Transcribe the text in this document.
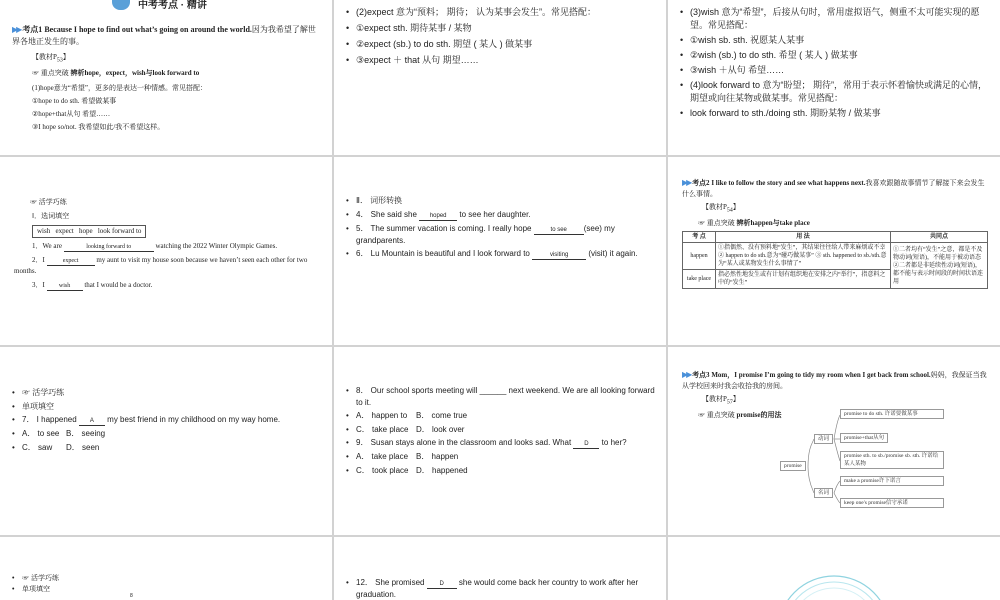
中考考点 · 精讲
▶▶ 考点1 Because I hope to find out what’s going on around the world.因为我希望了解世界各地正发生的事。
【教材$P_{53}$】
☞ 重点突破 辨析hope，expect，wish与look forward to
(1)hope意为“希望”，更多的是表达一种情感。常见搭配：
①hope to do sth. 希望做某事
②hope+that从句 希望……
③I hope so/not. 我希望如此/我不希望这样。
• (2)expect 意为“预料； 期待； 认为某事会发生”。常见搭配：
• ①expect sth. 期待某事 / 某物
• ②expect (sb.) to do sth. 期望 ( 某人 ) 做某事
• ③expect ＋ that 从句 期望……
• (3)wish 意为“希望”，后接从句时，常用虚拟语气，侧重不太可能实现的愿望。常见搭配：
• ①wish sb. sth. 祝愿某人某事
• ②wish (sb.) to do sth. 希望 ( 某人 ) 做某事
• ③wish ＋从句 希望……
• (4)look forward to 意为“盼望； 期待”，常用于表示怀着愉快或满足的心情，期望或向往某物或做某事。常见搭配：
• look forward to sth./doing sth. 期盼某物 / 做某事
☞ 活学巧练
Ⅰ．选词填空
wish expect hope look forward to
1．We are	looking forward to	watching the 2022 Winter Olympic Games.
2．I	expect my aunt to visit my house soon because we haven’t seen each other for two months.
3．I wish that I would be a doctor.
• Ⅱ． 词形转换
• 4． She said she hoped to see her daughter.
• 5． The summer vacation is coming. I really hope	to see (see) my grandparents.
• 6． Lu Mountain is beautiful and I look forward to	visiting (visit) it again.
▶▶ 考点2 I like to follow the story and see what happens next.我喜欢跟随故事情节了解接下来会发生什么事情。
【教材$P_{54}$】
☞ 重点突破 辨析happen与take place
考 点	用 法	共同点
happen	①指偶然、没有预料地“发生”，其结果往往给人带来麻烦或不幸 ② happen to do sth.意为“碰巧做某事” ③ sth. happened to sb./sth.意为“某人或某物发生什么事情了”	①二者均有“发生”之意，都是不及物动词(短语)，不能用于被动语态 ②二者都是非延续性动词(短语)，都不能与表示时间段的时间状语连用
take place	指必然性地发生或有计划有组织地在安排之内“举行”，指意料之中的“发生”	
• ☞ 活学巧练
• 单项填空
• 7． I happened A my best friend in my childhood on my way home.
• A． to see B． seeing
• C． saw D． seen
• 8． Our school sports meeting will ______ next weekend. We are all looking forward to it.
• A． happen to B． come true
• C． take place D． look over
• 9． Susan stays alone in the classroom and looks sad. What D to her?
• A． take place B． happen
• C． took place D． happened
▶▶ 考点3 Mom，I promise I’m going to tidy my room when I get back from school.妈妈，我保证当我从学校回来时我会收拾我的房间。
【教材$P_{57}$】
☞ 重点突破 promise的用法
promise
动词
名词
promise to do sth. 许诺要做某事
promise+that从句
promise sth. to sb./promise sb. sth. 许诺给某人某物
make a promise许下诺言
keep one's promise信守承诺
• ☞ 活学巧练
• 单项填空
8
• 12． She promised D she would come back her country to work after her graduation.
